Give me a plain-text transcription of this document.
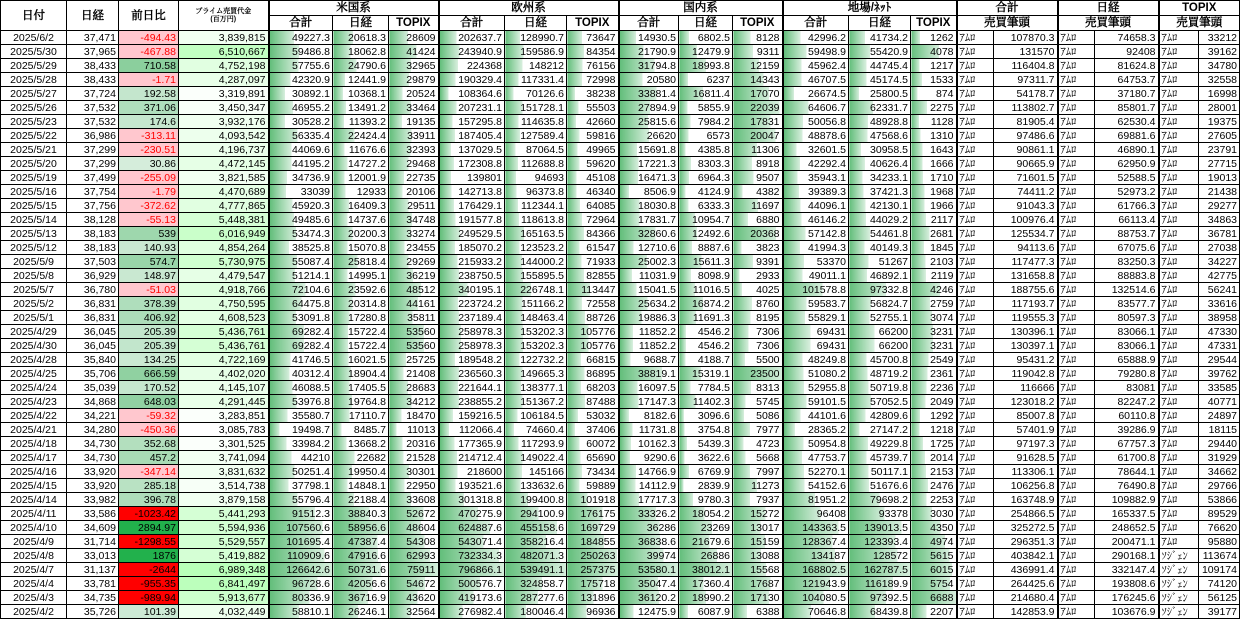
日付	日経	前日比	プライム売買代金
(百万円)	米国系			欧州系			国内系			地場/ﾈｯﾄ			合計		日経		TOPIX	
				合計	日経	TOPIX	合計	日経	TOPIX	合計	日経	TOPIX	合計	日経	TOPIX	売買筆頭		売買筆頭		売買筆頭	
2025/6/2	37,471	-494.43	3,839,815	49227.3	20618.3	28609	202637.7	128990.7	73647	14930.5	6802.5	8128	42996.2	41734.2	1262	ｱﾑﾛ	107870.3	ｱﾑﾛ	74658.3	ｱﾑﾛ	33212
2025/5/30	37,965	-467.88	6,510,667	59486.8	18062.8	41424	243940.9	159586.9	84354	21790.9	12479.9	9311	59498.9	55420.9	4078	ｱﾑﾛ	131570	ｱﾑﾛ	92408	ｱﾑﾛ	39162
2025/5/29	38,433	710.58	4,752,198	57755.6	24790.6	32965	224368	148212	76156	31794.8	18993.8	12159	45962.4	44745.4	1217	ｱﾑﾛ	116404.8	ｱﾑﾛ	81624.8	ｱﾑﾛ	34780
2025/5/28	38,433	-1.71	4,287,097	42320.9	12441.9	29879	190329.4	117331.4	72998	20580	6237	14343	46707.5	45174.5	1533	ｱﾑﾛ	97311.7	ｱﾑﾛ	64753.7	ｱﾑﾛ	32558
2025/5/27	37,724	192.58	3,319,891	30892.1	10368.1	20524	108364.6	70126.6	38238	33881.4	16811.4	17070	26674.5	25800.5	874	ｱﾑﾛ	54178.7	ｱﾑﾛ	37180.7	ｱﾑﾛ	16998
2025/5/26	37,532	371.06	3,450,347	46955.2	13491.2	33464	207231.1	151728.1	55503	27894.9	5855.9	22039	64606.7	62331.7	2275	ｱﾑﾛ	113802.7	ｱﾑﾛ	85801.7	ｱﾑﾛ	28001
2025/5/23	37,532	174.6	3,932,176	30528.2	11393.2	19135	157295.8	114635.8	42660	25815.6	7984.2	17831	50056.8	48928.8	1128	ｱﾑﾛ	81905.4	ｱﾑﾛ	62530.4	ｱﾑﾛ	19375
2025/5/22	36,986	-313.11	4,093,542	56335.4	22424.4	33911	187405.4	127589.4	59816	26620	6573	20047	48878.6	47568.6	1310	ｱﾑﾛ	97486.6	ｱﾑﾛ	69881.6	ｱﾑﾛ	27605
2025/5/21	37,299	-230.51	4,196,737	44069.6	11676.6	32393	137029.5	87064.5	49965	15691.8	4385.8	11306	32601.5	30958.5	1643	ｱﾑﾛ	90861.1	ｱﾑﾛ	46890.1	ｱﾑﾛ	23791
2025/5/20	37,299	30.86	4,472,145	44195.2	14727.2	29468	172308.8	112688.8	59620	17221.3	8303.3	8918	42292.4	40626.4	1666	ｱﾑﾛ	90665.9	ｱﾑﾛ	62950.9	ｱﾑﾛ	27715
2025/5/19	37,499	-255.09	3,821,585	34736.9	12001.9	22735	139801	94693	45108	16471.3	6964.3	9507	35943.1	34233.1	1710	ｱﾑﾛ	71601.5	ｱﾑﾛ	52588.5	ｱﾑﾛ	19013
2025/5/16	37,754	-1.79	4,470,689	33039	12933	20106	142713.8	96373.8	46340	8506.9	4124.9	4382	39389.3	37421.3	1968	ｱﾑﾛ	74411.2	ｱﾑﾛ	52973.2	ｱﾑﾛ	21438
2025/5/15	37,756	-372.62	4,777,865	45920.3	16409.3	29511	176429.1	112344.1	64085	18030.8	6333.3	11697	44096.1	42130.1	1966	ｱﾑﾛ	91043.3	ｱﾑﾛ	61766.3	ｱﾑﾛ	29277
2025/5/14	38,128	-55.13	5,448,381	49485.6	14737.6	34748	191577.8	118613.8	72964	17831.7	10954.7	6880	46146.2	44029.2	2117	ｱﾑﾛ	100976.4	ｱﾑﾛ	66113.4	ｱﾑﾛ	34863
2025/5/13	38,183	539	6,016,949	53474.3	20200.3	33274	249529.5	165163.5	84366	32860.6	12492.6	20368	57142.8	54461.8	2681	ｱﾑﾛ	125534.7	ｱﾑﾛ	88753.7	ｱﾑﾛ	36781
2025/5/12	38,183	140.93	4,854,264	38525.8	15070.8	23455	185070.2	123523.2	61547	12710.6	8887.6	3823	41994.3	40149.3	1845	ｱﾑﾛ	94113.6	ｱﾑﾛ	67075.6	ｱﾑﾛ	27038
2025/5/9	37,503	574.7	5,730,975	55087.4	25818.4	29269	215933.2	144000.2	71933	25002.3	15611.3	9391	53370	51267	2103	ｱﾑﾛ	117477.3	ｱﾑﾛ	83250.3	ｱﾑﾛ	34227
2025/5/8	36,929	148.97	4,479,547	51214.1	14995.1	36219	238750.5	155895.5	82855	11031.9	8098.9	2933	49011.1	46892.1	2119	ｱﾑﾛ	131658.8	ｱﾑﾛ	88883.8	ｱﾑﾛ	42775
2025/5/7	36,780	-51.03	4,918,766	72104.6	23592.6	48512	340195.1	226748.1	113447	15041.5	11016.5	4025	101578.8	97332.8	4246	ｱﾑﾛ	188755.6	ｱﾑﾛ	132514.6	ｱﾑﾛ	56241
2025/5/2	36,831	378.39	4,750,595	64475.8	20314.8	44161	223724.2	151166.2	72558	25634.2	16874.2	8760	59583.7	56824.7	2759	ｱﾑﾛ	117193.7	ｱﾑﾛ	83577.7	ｱﾑﾛ	33616
2025/5/1	36,831	406.92	4,608,523	53091.8	17280.8	35811	237189.4	148463.4	88726	19886.3	11691.3	8195	55829.1	52755.1	3074	ｱﾑﾛ	119555.3	ｱﾑﾛ	80597.3	ｱﾑﾛ	38958
2025/4/29	36,045	205.39	5,436,761	69282.4	15722.4	53560	258978.3	153202.3	105776	11852.2	4546.2	7306	69431	66200	3231	ｱﾑﾛ	130396.1	ｱﾑﾛ	83066.1	ｱﾑﾛ	47330
2025/4/30	36,045	205.39	5,436,761	69282.4	15722.4	53560	258978.3	153202.3	105776	11852.2	4546.2	7306	69431	66200	3231	ｱﾑﾛ	130397.1	ｱﾑﾛ	83066.1	ｱﾑﾛ	47331
2025/4/28	35,840	134.25	4,722,169	41746.5	16021.5	25725	189548.2	122732.2	66815	9688.7	4188.7	5500	48249.8	45700.8	2549	ｱﾑﾛ	95431.2	ｱﾑﾛ	65888.9	ｱﾑﾛ	29544
2025/4/25	35,706	666.59	4,402,020	40312.4	18904.4	21408	236560.3	149665.3	86895	38819.1	15319.1	23500	51080.2	48719.2	2361	ｱﾑﾛ	119042.8	ｱﾑﾛ	79280.8	ｱﾑﾛ	39762
2025/4/24	35,039	170.52	4,145,107	46088.5	17405.5	28683	221644.1	138377.1	68203	16097.5	7784.5	8313	52955.8	50719.8	2236	ｱﾑﾛ	116666	ｱﾑﾛ	83081	ｱﾑﾛ	33585
2025/4/23	34,868	648.03	4,291,445	53976.8	19764.8	34212	238855.2	151367.2	87488	17147.3	11402.3	5745	59101.5	57052.5	2049	ｱﾑﾛ	123018.2	ｱﾑﾛ	82247.2	ｱﾑﾛ	40771
2025/4/22	34,221	-59.32	3,283,851	35580.7	17110.7	18470	159216.5	106184.5	53032	8182.6	3096.6	5086	44101.6	42809.6	1292	ｱﾑﾛ	85007.8	ｱﾑﾛ	60110.8	ｱﾑﾛ	24897
2025/4/21	34,280	-450.36	3,085,783	19498.7	8485.7	11013	112066.4	74660.4	37406	11731.8	3754.8	7977	28365.2	27147.2	1218	ｱﾑﾛ	57401.9	ｱﾑﾛ	39286.9	ｱﾑﾛ	18115
2025/4/18	34,730	352.68	3,301,525	33984.2	13668.2	20316	177365.9	117293.9	60072	10162.3	5439.3	4723	50954.8	49229.8	1725	ｱﾑﾛ	97197.3	ｱﾑﾛ	67757.3	ｱﾑﾛ	29440
2025/4/17	34,730	457.2	3,741,094	44210	22682	21528	214712.4	149022.4	65690	9290.6	3622.6	5668	47753.7	45739.7	2014	ｱﾑﾛ	91628.5	ｱﾑﾛ	61700.8	ｱﾑﾛ	31929
2025/4/16	33,920	-347.14	3,831,632	50251.4	19950.4	30301	218600	145166	73434	14766.9	6769.9	7997	52270.1	50117.1	2153	ｱﾑﾛ	113306.1	ｱﾑﾛ	78644.1	ｱﾑﾛ	34662
2025/4/15	33,920	285.18	3,514,738	37798.1	14848.1	22950	193521.6	133632.6	59889	14112.9	2839.9	11273	54152.6	51676.6	2476	ｱﾑﾛ	106256.8	ｱﾑﾛ	76490.8	ｱﾑﾛ	29766
2025/4/14	33,982	396.78	3,879,158	55796.4	22188.4	33608	301318.8	199400.8	101918	17717.3	9780.3	7937	81951.2	79698.2	2253	ｱﾑﾛ	163748.9	ｱﾑﾛ	109882.9	ｱﾑﾛ	53866
2025/4/11	33,586	-1023.42	5,441,293	91512.3	38840.3	52672	470275.9	294100.9	176175	33326.2	18054.2	15272	96408	93378	3030	ｱﾑﾛ	254866.5	ｱﾑﾛ	165337.5	ｱﾑﾛ	89529
2025/4/10	34,609	2894.97	5,594,936	107560.6	58956.6	48604	624887.6	455158.6	169729	36286	23269	13017	143363.5	139013.5	4350	ｱﾑﾛ	325272.5	ｱﾑﾛ	248652.5	ｱﾑﾛ	76620
2025/4/9	31,714	-1298.55	5,529,557	101695.4	47387.4	54308	543071.4	358216.4	184855	36838.6	21679.6	15159	128367.4	123393.4	4974	ｱﾑﾛ	296351.3	ｱﾑﾛ	200471.1	ｱﾑﾛ	95880
2025/4/8	33,013	1876	5,419,882	110909.6	47916.6	62993	732334.3	482071.3	250263	39974	26886	13088	134187	128572	5615	ｱﾑﾛ	403842.1	ｱﾑﾛ	290168.1	ｿｼﾞｪﾝ	113674
2025/4/7	31,137	-2644	6,989,348	126642.6	50731.6	75911	796866.1	539491.1	257375	53580.1	38012.1	15568	168802.5	162787.5	6015	ｱﾑﾛ	436991.4	ｱﾑﾛ	332147.4	ｿｼﾞｪﾝ	109174
2025/4/4	33,781	-955.35	6,841,497	96728.6	42056.6	54672	500576.7	324858.7	175718	35047.4	17360.4	17687	121943.9	116189.9	5754	ｱﾑﾛ	264425.6	ｱﾑﾛ	193808.6	ｿｼﾞｪﾝ	74120
2025/4/3	34,735	-989.94	5,913,677	80336.9	36716.9	43620	419173.6	287277.6	131896	36120.2	18990.2	17130	104080.5	97392.5	6688	ｱﾑﾛ	214680.4	ｱﾑﾛ	176245.6	ｿｼﾞｪﾝ	56125
2025/4/2	35,726	101.39	4,032,449	58810.1	26246.1	32564	276982.4	180046.4	96936	12475.9	6087.9	6388	70646.8	68439.8	2207	ｱﾑﾛ	142853.9	ｱﾑﾛ	103676.9	ｿｼﾞｪﾝ	39177
